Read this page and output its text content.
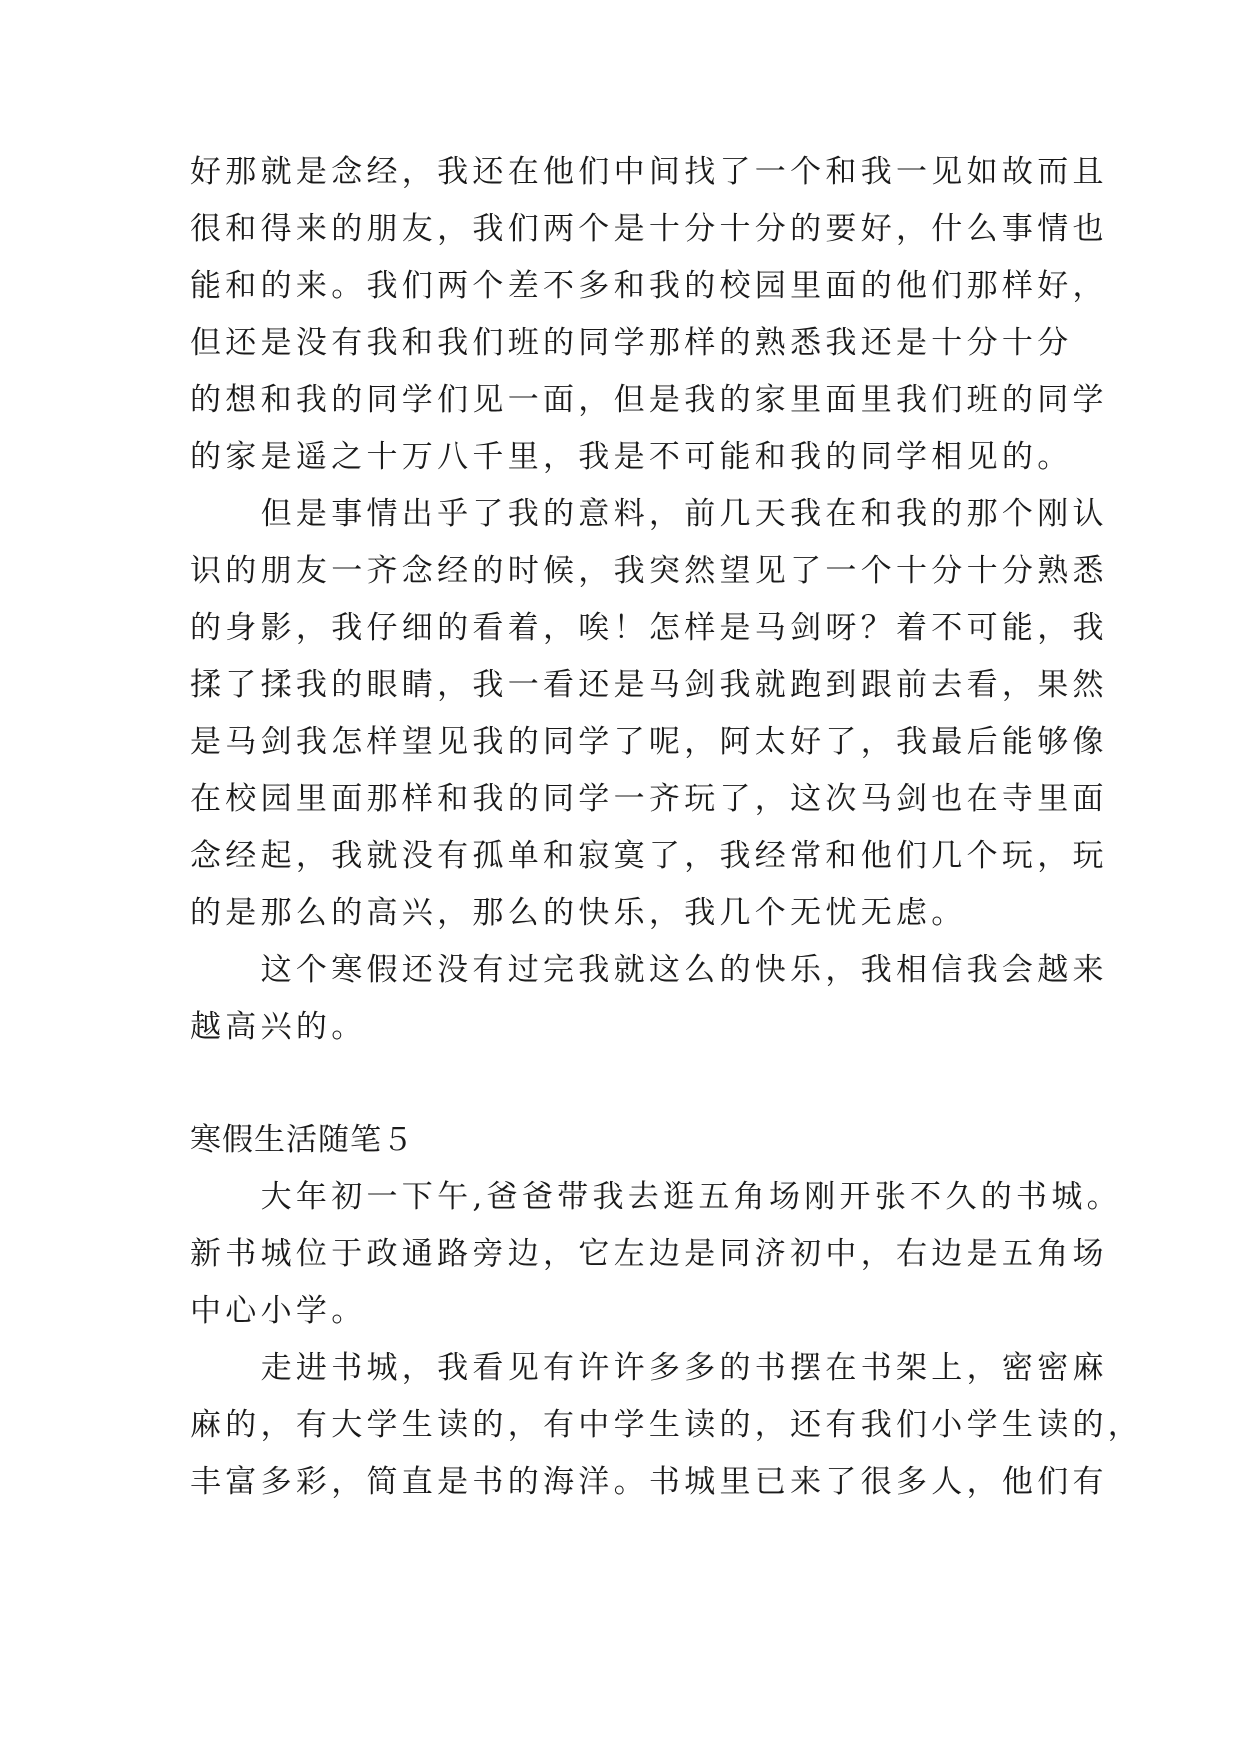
好那就是念经，我还在他们中间找了一个和我一见如故而且
很和得来的朋友，我们两个是十分十分的要好，什么事情也
能和的来。我们两个差不多和我的校园里面的他们那样好，
但还是没有我和我们班的同学那样的熟悉我还是十分十分
的想和我的同学们见一面，但是我的家里面里我们班的同学
的家是遥之十万八千里，我是不可能和我的同学相见的。
　　但是事情出乎了我的意料，前几天我在和我的那个刚认
识的朋友一齐念经的时候，我突然望见了一个十分十分熟悉
的身影，我仔细的看着，唉！怎样是马剑呀？着不可能，我
揉了揉我的眼睛，我一看还是马剑我就跑到跟前去看，果然
是马剑我怎样望见我的同学了呢，阿太好了，我最后能够像
在校园里面那样和我的同学一齐玩了，这次马剑也在寺里面
念经起，我就没有孤单和寂寞了，我经常和他们几个玩，玩
的是那么的高兴，那么的快乐，我几个无忧无虑。
　　这个寒假还没有过完我就这么的快乐，我相信我会越来
越高兴的。
寒假生活随笔５
　　大年初一下午,爸爸带我去逛五角场刚开张不久的书城。
新书城位于政通路旁边，它左边是同济初中，右边是五角场
中心小学。
　　走进书城，我看见有许许多多的书摆在书架上，密密麻
麻的，有大学生读的，有中学生读的，还有我们小学生读的，
丰富多彩，简直是书的海洋。书城里已来了很多人，他们有
